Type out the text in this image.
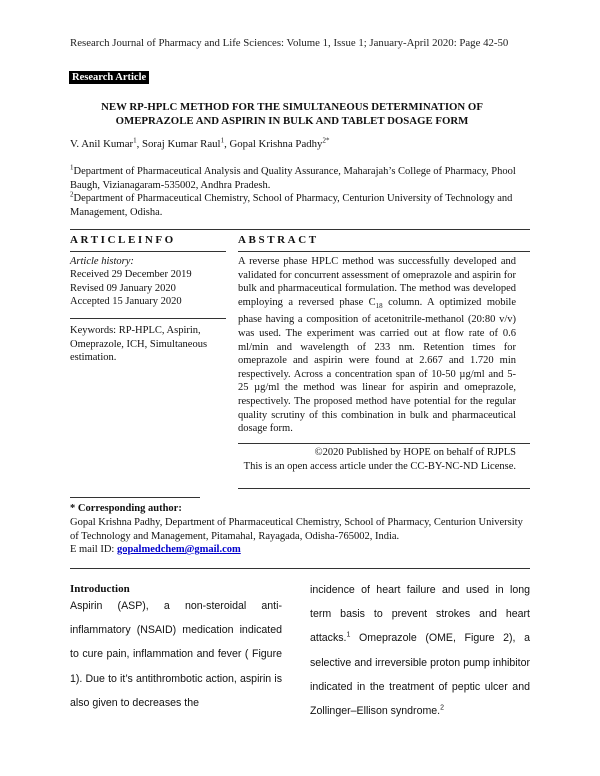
Research Journal of Pharmacy and Life Sciences: Volume 1, Issue 1; January-April 2020: Page 42-50
Research Article
NEW RP-HPLC METHOD FOR THE SIMULTANEOUS DETERMINATION OF OMEPRAZOLE AND ASPIRIN IN BULK AND TABLET DOSAGE FORM
V. Anil Kumar$^1$, Soraj Kumar Raul$^1$, Gopal Krishna Padhy$^{2*}$
$^1$Department of Pharmaceutical Analysis and Quality Assurance, Maharajah’s College of Pharmacy, Phool Baugh, Vizianagaram-535002, Andhra Pradesh.
$^2$Department of Pharmaceutical Chemistry, School of Pharmacy, Centurion University of Technology and Management, Odisha.
ARTICLEINFO	ABSTRACT
Article history:
Received 29 December 2019
Revised 09 January 2020
Accepted 15 January 2020
Keywords: RP-HPLC, Aspirin, Omeprazole, ICH, Simultaneous estimation.
A reverse phase HPLC method was successfully developed and validated for concurrent assessment of omeprazole and aspirin for bulk and pharmaceutical formulation. The method was developed employing a reversed phase $C_{18}$ column. A optimized mobile phase having a composition of acetonitrile-methanol (20:80 v/v) was used. The experiment was carried out at flow rate of 0.6 ml/min and wavelength of 233 nm. Retention times for omeprazole and aspirin were found at 2.667 and 1.720 min respectively. Across a concentration span of 10-50 µg/ml and 5-25 µg/ml the method was linear for aspirin and omeprazole, respectively. The proposed method have potential for the regular quality scrutiny of this combination in bulk and pharmaceutical dosage form.
©2020 Published by HOPE on behalf of RJPLS
This is an open access article under the CC-BY-NC-ND License.
* Corresponding author:
Gopal Krishna Padhy, Department of Pharmaceutical Chemistry, School of Pharmacy, Centurion University of Technology and Management, Pitamahal, Rayagada, Odisha-765002, India.
E mail ID: gopalmedchem@gmail.com
Introduction
Aspirin (ASP), a non-steroidal anti-inflammatory (NSAID) medication indicated to cure pain, inflammation and fever ( Figure 1). Due to it’s antithrombotic action, aspirin is also given to decreases the
incidence of heart failure and used in long term basis to prevent strokes and heart attacks.$^1$ Omeprazole (OME, Figure 2), a selective and irreversible proton pump inhibitor indicated in the treatment of peptic ulcer and Zollinger–Ellison syndrome.$^2$
